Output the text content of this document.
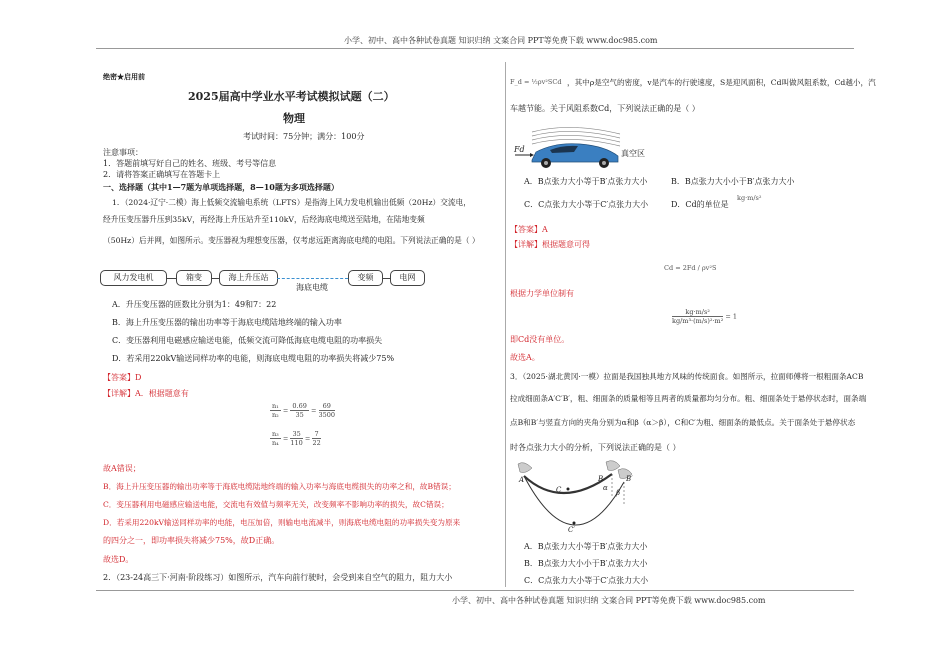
小学、初中、高中各种试卷真题 知识归纳 文案合同 PPT等免费下载 www.doc985.com
小学、初中、高中各种试卷真题 知识归纳 文案合同 PPT等免费下载 www.doc985.com
绝密★启用前
2025届高中学业水平考试模拟试题（二）
物理
考试时间：75分钟；满分：100分
注意事项：
1．答题前填写好自己的姓名、班级、考号等信息
2．请将答案正确填写在答题卡上
一、选择题（其中1—7题为单项选择题，8—10题为多项选择题）
1．（2024·辽宁·二模）海上低频交流输电系统（LFTS）是指海上风力发电机输出低频（20Hz）交流电，
经升压变压器升压到35kV，再经海上升压站升至110kV，后经海底电缆送至陆地，在陆地变频
（50Hz）后并网，如图所示。变压器视为理想变压器，仅考虑远距离海底电缆的电阻。下列说法正确的是（ ）
风力发电机	箱变	海上升压站
海底电缆
变频	电网
A．升压变压器的匝数比分别为1：49和7：22
B．海上升压变压器的输出功率等于海底电缆陆地终端的输入功率
C．变压器利用电磁感应输送电能，低频交流可降低海底电缆电阻的功率损失
D．若采用220kV输送同样功率的电能，则海底电缆电阻的功率损失将减少75%
【答案】D
【详解】A．根据题意有
$\frac{\text{n₁}}{\text{n₂}} = \frac{0.69}{35} = \frac{69}{3500}$
$\frac{\text{n₃}}{\text{n₄}} = \frac{35}{110} = \frac{7}{22}$
故A错误；
B．海上升压变压器的输出功率等于海底电缆陆地终端的输入功率与海底电缆损失的功率之和，故B错误；
C．变压器利用电磁感应输送电能，交流电有效值与频率无关，改变频率不影响功率的损失，故C错误；
D．若采用220kV输送同样功率的电能，电压加倍，则输电电流减半，则海底电缆电阻的功率损失变为原来
的四分之一，即功率损失将减少75%，故D正确。
故选D。
2．（23-24高三下·河南·阶段练习）如图所示，汽车向前行驶时，会受到来自空气的阻力，阻力大小
F_d = ½ρv²SCd ，其中ρ是空气的密度，v是汽车的行驶速度，S是迎风面积，Cd叫做风阻系数，Cd越小，汽
车越节能。关于风阻系数Cd，下列说法正确的是（ ）
Fd	真空区
A．B点张力大小等于B′点张力大小	B．B点张力大小小于B′点张力大小
C．C点张力大小等于C′点张力大小	D．Cd的单位是
kg·m/s²
【答案】A
【详解】根据题意可得
Cd = 2Fd / ρv²S
根据力学单位制有
$\frac{\text{kg·m/s²}}{\text{kg/m³·(m/s)²·m²}} = 1$
即Cd没有单位。
故选A。
3．（2025·湖北黄冈·一模）拉面是我国独具地方风味的传统面食。如图所示，拉面师傅将一根粗面条ACB
拉成细面条A′C′B′，粗、细面条的质量相等且两者的质量都均匀分布。粗、细面条处于悬停状态时，面条端
点B和B′与竖直方向的夹角分别为α和β（α＞β），C和C′为粗、细面条的最低点。关于面条处于悬停状态
时各点张力大小的分析，下列说法正确的是（ ）
A
C
C′
B	B′
α
β
A．B点张力大小等于B′点张力大小
B．B点张力大小小于B′点张力大小
C．C点张力大小等于C′点张力大小
